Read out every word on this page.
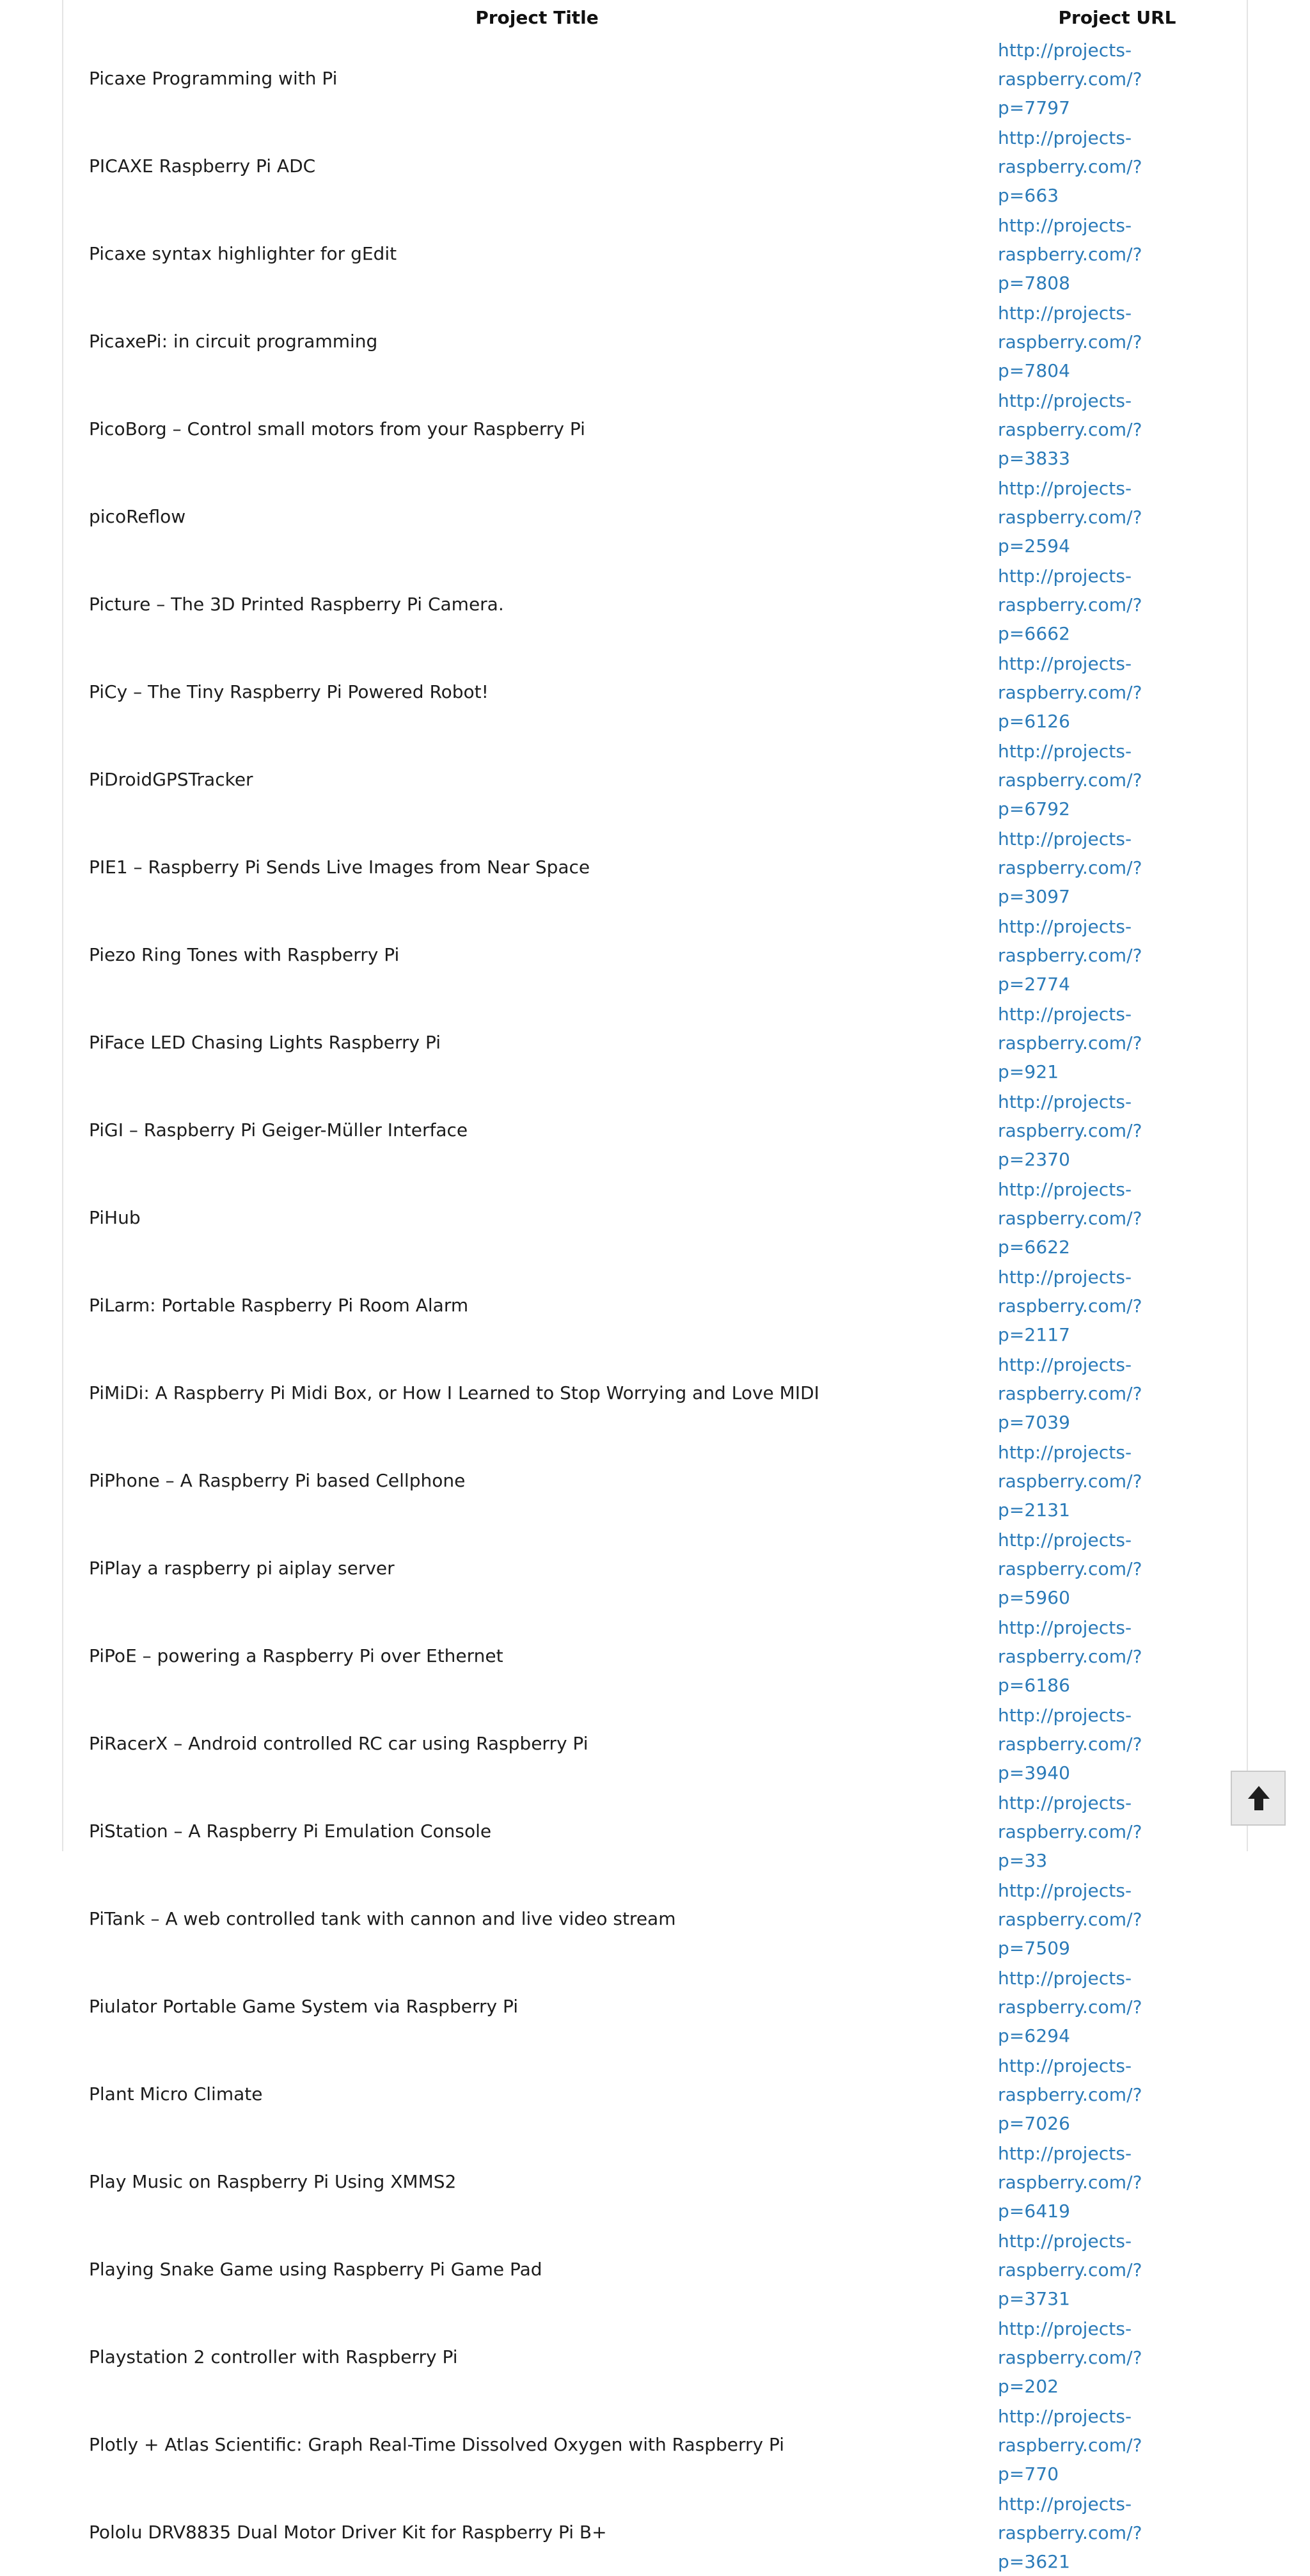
Project Title	Project URL
Picaxe Programming with Pi	http://projects-raspberry.com/?
p=7797

PICAXE Raspberry Pi ADC	http://projects-raspberry.com/?
p=663

Picaxe syntax highlighter for gEdit	http://projects-raspberry.com/?
p=7808

PicaxePi: in circuit programming	http://projects-raspberry.com/?
p=7804

PicoBorg – Control small motors from your Raspberry Pi	http://projects-raspberry.com/?
p=3833

picoReflow	http://projects-raspberry.com/?
p=2594

Picture – The 3D Printed Raspberry Pi Camera.	http://projects-raspberry.com/?
p=6662

PiCy – The Tiny Raspberry Pi Powered Robot!	http://projects-raspberry.com/?
p=6126

PiDroidGPSTracker	http://projects-raspberry.com/?
p=6792

PIE1 – Raspberry Pi Sends Live Images from Near Space	http://projects-raspberry.com/?
p=3097

Piezo Ring Tones with Raspberry Pi	http://projects-raspberry.com/?
p=2774

PiFace LED Chasing Lights Raspberry Pi	http://projects-raspberry.com/?
p=921

PiGI – Raspberry Pi Geiger-Müller Interface	http://projects-raspberry.com/?
p=2370

PiHub	http://projects-raspberry.com/?
p=6622

PiLarm: Portable Raspberry Pi Room Alarm	http://projects-raspberry.com/?
p=2117

PiMiDi: A Raspberry Pi Midi Box, or How I Learned to Stop Worrying and Love MIDI	http://projects-raspberry.com/?
p=7039

PiPhone – A Raspberry Pi based Cellphone	http://projects-raspberry.com/?
p=2131

PiPlay a raspberry pi aiplay server	http://projects-raspberry.com/?
p=5960

PiPoE – powering a Raspberry Pi over Ethernet	http://projects-raspberry.com/?
p=6186

PiRacerX – Android controlled RC car using Raspberry Pi	http://projects-raspberry.com/?
p=3940

PiStation – A Raspberry Pi Emulation Console	http://projects-raspberry.com/?
p=33

PiTank – A web controlled tank with cannon and live video stream	http://projects-raspberry.com/?
p=7509

Piulator Portable Game System via Raspberry Pi	http://projects-raspberry.com/?
p=6294

Plant Micro Climate	http://projects-raspberry.com/?
p=7026

Play Music on Raspberry Pi Using XMMS2	http://projects-raspberry.com/?
p=6419

Playing Snake Game using Raspberry Pi Game Pad	http://projects-raspberry.com/?
p=3731

Playstation 2 controller with Raspberry Pi	http://projects-raspberry.com/?
p=202

Plotly + Atlas Scientific: Graph Real-Time Dissolved Oxygen with Raspberry Pi	http://projects-raspberry.com/?
p=770

Pololu DRV8835 Dual Motor Driver Kit for Raspberry Pi B+	http://projects-raspberry.com/?
p=3621
